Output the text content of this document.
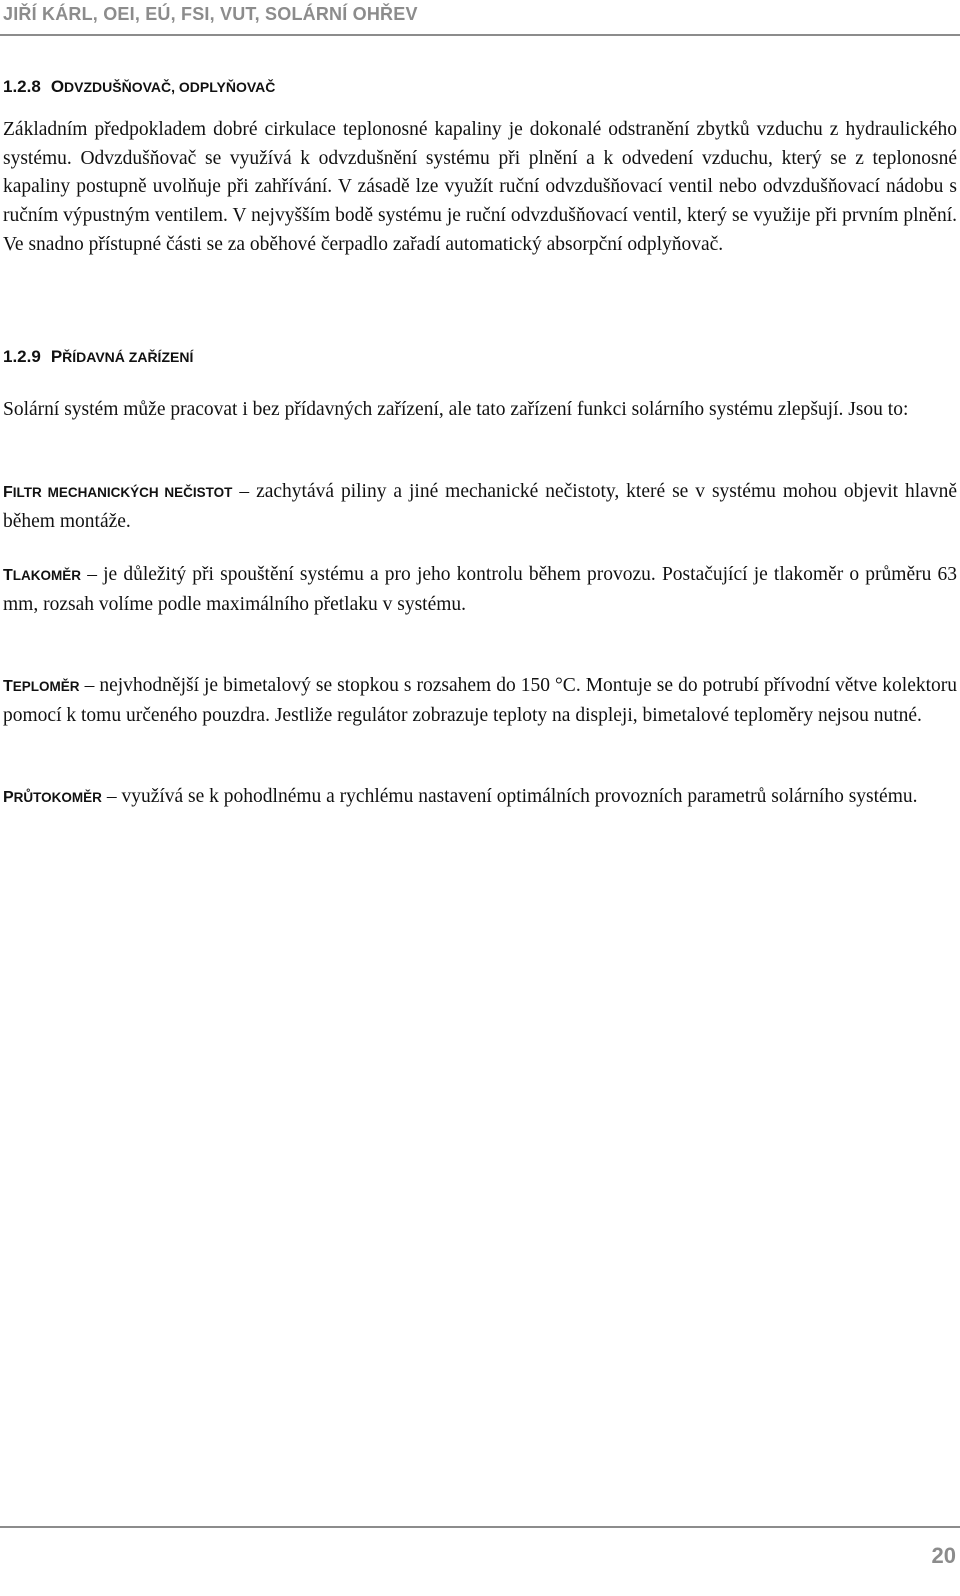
JIŘÍ KÁRL, OEI, EÚ, FSI, VUT, SOLÁRNÍ OHŘEV
1.2.8 ODVZDUŠŇOVAČ, ODPLYŇOVAČ

Základním předpokladem dobré cirkulace teplonosné kapaliny je dokonalé odstranění zbytků vzduchu z hydraulického systému. Odvzdušňovač se využívá k odvzdušnění systému při plnění a k odvedení vzduchu, který se z teplonosné kapaliny postupně uvolňuje při zahřívání. V zásadě lze využít ruční odvzdušňovací ventil nebo odvzdušňovací nádobu s ručním výpustným ventilem. V nejvyšším bodě systému je ruční odvzdušňovací ventil, který se využije při prvním plnění. Ve snadno přístupné části se za oběhové čerpadlo zařadí automatický absorpční odplyňovač.

1.2.9 PŘÍDAVNÁ ZAŘÍZENÍ

Solární systém může pracovat i bez přídavných zařízení, ale tato zařízení funkci solárního systému zlepšují. Jsou to:

FILTR MECHANICKÝCH NEČISTOT – zachytává piliny a jiné mechanické nečistoty, které se v systému mohou objevit hlavně během montáže.

TLAKOMĚR – je důležitý při spouštění systému a pro jeho kontrolu během provozu. Postačující je tlakoměr o průměru 63 mm, rozsah volíme podle maximálního přetlaku v systému.

TEPLOMĚR – nejvhodnější je bimetalový se stopkou s rozsahem do 150 °C. Montuje se do potrubí přívodní větve kolektoru pomocí k tomu určeného pouzdra. Jestliže regulátor zobrazuje teploty na displeji, bimetalové teploměry nejsou nutné.

PRŮTOKOMĚR – využívá se k pohodlnému a rychlému nastavení optimálních provozních parametrů solárního systému.

20
